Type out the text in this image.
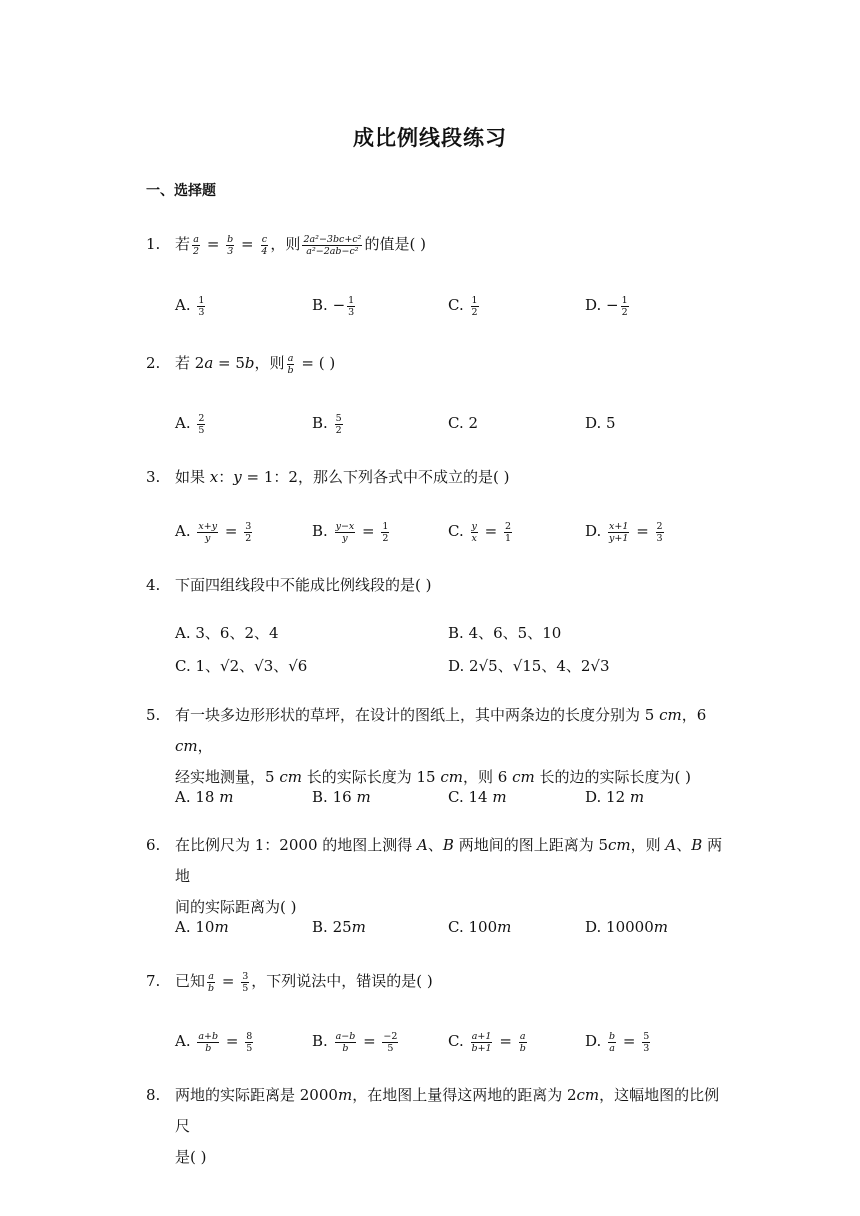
成比例线段练习
一、选择题
1. 若 $\frac{a}{2} = \frac{b}{3} = \frac{c}{4}$ ，则 $\frac{\text{2a²−3bc+c²}}{\text{a²−2ab−c²}}$ 的值是( )
A. $\frac{1}{3}$	B. − $\frac{1}{3}$	C. $\frac{1}{2}$	D. − $\frac{1}{2}$
2. 若 2a = 5b，则 $\frac{a}{b}$ = ( )
A. $\frac{2}{5}$	B. $\frac{5}{2}$	C. 2	D. 5
3. 如果 x：y = 1：2，那么下列各式中不成立的是( )
A. $\frac{x+y}{y} = \frac{3}{2}$	B. $\frac{y-x}{y} = \frac{1}{2}$	C. $\frac{y}{x} = \frac{2}{1}$	D. $\frac{x+1}{y+1} = \frac{2}{3}$
4. 下面四组线段中不能成比例线段的是( )
A. 3、6、2、4	B. 4、6、5、10
C. 1、√2、√3、√6	D. 2√5、√15、4、2√3
5. 有一块多边形形状的草坪，在设计的图纸上，其中两条边的长度分别为 5 cm，6 cm，
经实地测量，5 cm 长的实际长度为 15 cm，则 6 cm 长的边的实际长度为( )
A. 18 m	B. 16 m	C. 14 m	D. 12 m
6. 在比例尺为 1：2000 的地图上测得 A、B 两地间的图上距离为 5cm，则 A、B 两地
间的实际距离为( )
A. 10m	B. 25m	C. 100m	D. 10000m
7. 已知 $\frac{a}{b} = \frac{3}{5}$ ，下列说法中，错误的是( )
A. $\frac{a+b}{b} = \frac{8}{5}$	B. $\frac{a-b}{b} = \frac{-2}{5}$	C. $\frac{a+1}{b+1} = \frac{a}{b}$	D. $\frac{b}{a} = \frac{5}{3}$
8. 两地的实际距离是 2000m，在地图上量得这两地的距离为 2cm，这幅地图的比例尺
是( )
